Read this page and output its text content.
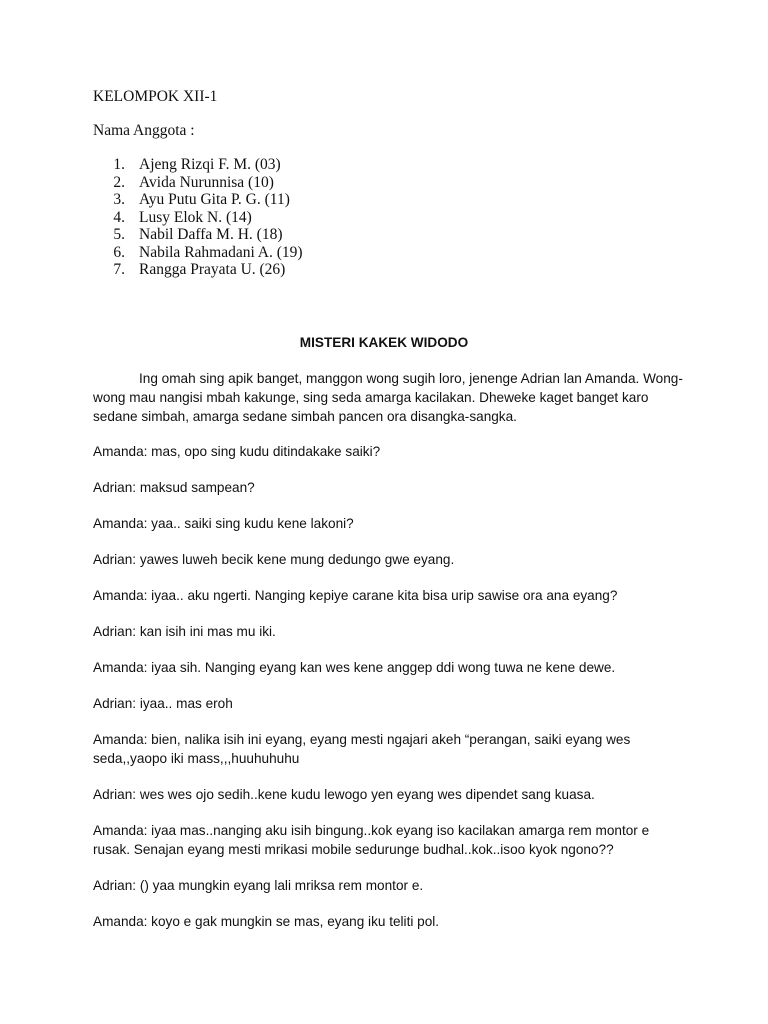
KELOMPOK XII-1
Nama Anggota :
1. Ajeng Rizqi F. M. (03)
2. Avida Nurunnisa (10)
3. Ayu Putu Gita P. G. (11)
4. Lusy Elok N. (14)
5. Nabil Daffa M. H. (18)
6. Nabila Rahmadani A. (19)
7. Rangga Prayata U. (26)
MISTERI KAKEK WIDODO

Ing omah sing apik banget, manggon wong sugih loro, jenenge Adrian lan Amanda. Wong-wong mau nangisi mbah kakunge, sing seda amarga kacilakan. Dheweke kaget banget karo sedane simbah, amarga sedane simbah pancen ora disangka-sangka.

Amanda: mas, opo sing kudu ditindakake saiki?

Adrian: maksud sampean?

Amanda: yaa.. saiki sing kudu kene lakoni?

Adrian: yawes luweh becik kene mung dedungo gwe eyang.

Amanda: iyaa.. aku ngerti. Nanging kepiye carane kita bisa urip sawise ora ana eyang?

Adrian: kan isih ini mas mu iki.

Amanda: iyaa sih. Nanging eyang kan wes kene anggep ddi wong tuwa ne kene dewe.

Adrian: iyaa.. mas eroh

Amanda: bien, nalika isih ini eyang, eyang mesti ngajari akeh “perangan, saiki eyang wes seda,,yaopo iki mass,,,huuhuhuhu

Adrian: wes wes ojo sedih..kene kudu lewogo yen eyang wes dipendet sang kuasa.

Amanda: iyaa mas..nanging aku isih bingung..kok eyang iso kacilakan amarga rem montor e rusak. Senajan eyang mesti mrikasi mobile sedurunge budhal..kok..isoo kyok ngono??

Adrian: () yaa mungkin eyang lali mriksa rem montor e.

Amanda: koyo e gak mungkin se mas, eyang iku teliti pol.
